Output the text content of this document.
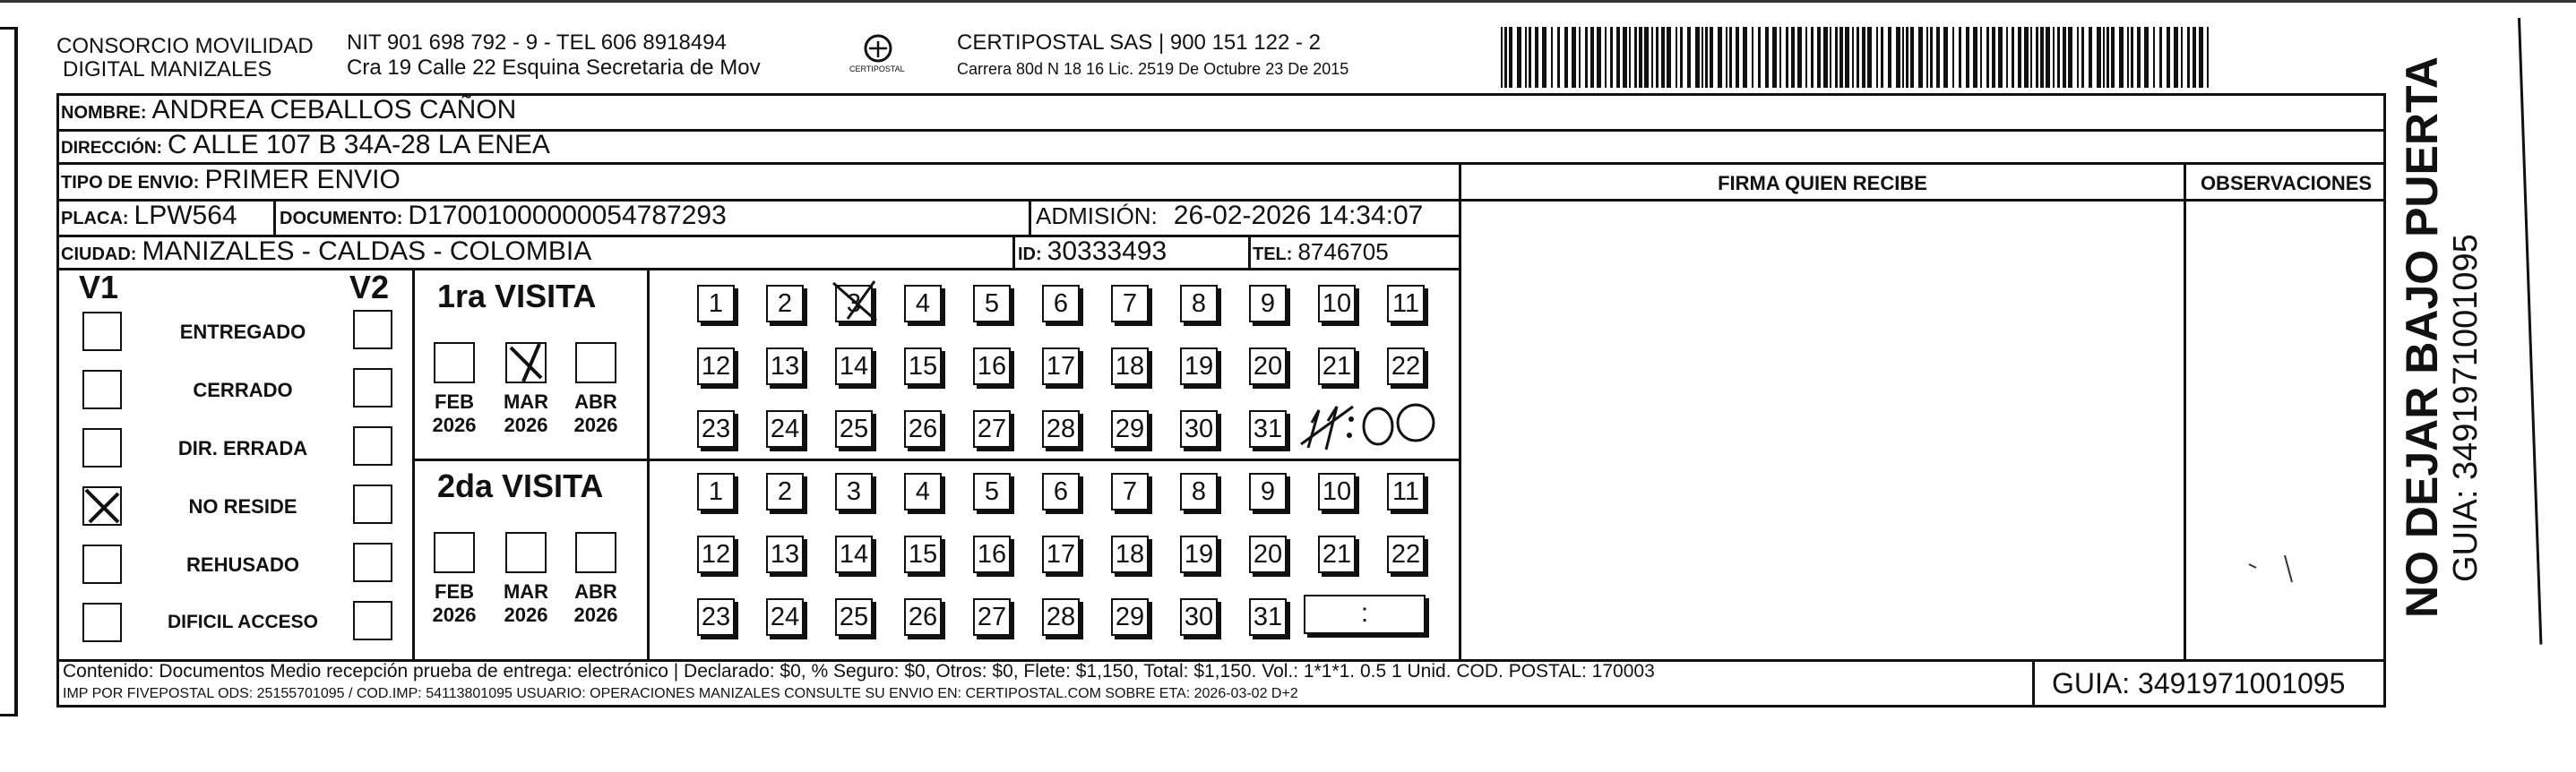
CONSORCIO MOVILIDAD
DIGITAL MANIZALES
NIT 901 698 792 - 9 - TEL 606 8918494
Cra 19 Calle 22 Esquina Secretaria de Mov	CERTIPOSTAL
CERTIPOSTAL SAS | 900 151 122 - 2
Carrera 80d N 18 16 Lic. 2519 De Octubre 23 De 2015
NOMBRE: ANDREA CEBALLOS CAÑON
DIRECCIÓN: C ALLE 107 B 34A-28 LA ENEA
TIPO DE ENVIO: PRIMER ENVIO
PLACA: LPW564 DOCUMENTO: D17001000000054787293	ADMISIÓN: 26-02-2026 14:34:07
CIUDAD: MANIZALES - CALDAS - COLOMBIA	ID: 30333493	TEL: 8746705
FIRMA QUIEN RECIBE	OBSERVACIONES
V1	V2
ENTREGADO
CERRADO
DIR. ERRADA
NO RESIDE
REHUSADO
DIFICIL ACCESO
1ra VISITA
2da VISITA
FEB
2026
MAR
2026
ABR
2026
FEB
2026
MAR
2026
ABR
2026
1	2	3	4	5	6	7	8	9	10 11
12 13 14 15 16 17 18 19 20 21 22
23 24 25 26 27 28 29 30 31
1	2	3	4	5	6	7	8	9	10 11
12 13 14 15 16 17 18 19 20 21 22
23 24 25 26 27 28 29 30 31	:	NO DEJAR BAJO PUERTA GUIA: 3491971001095
Contenido: Documentos Medio recepción prueba de entrega: electrónico | Declarado: $0, % Seguro: $0, Otros: $0, Flete: $1,150, Total: $1,150. Vol.: 1*1*1. 0.5 1 Unid. COD. POSTAL: 170003
IMP POR FIVEPOSTAL ODS: 25155701095 / COD.IMP: 54113801095 USUARIO: OPERACIONES MANIZALES CONSULTE SU ENVIO EN: CERTIPOSTAL.COM SOBRE ETA: 2026-03-02 D+2	GUIA: 3491971001095
